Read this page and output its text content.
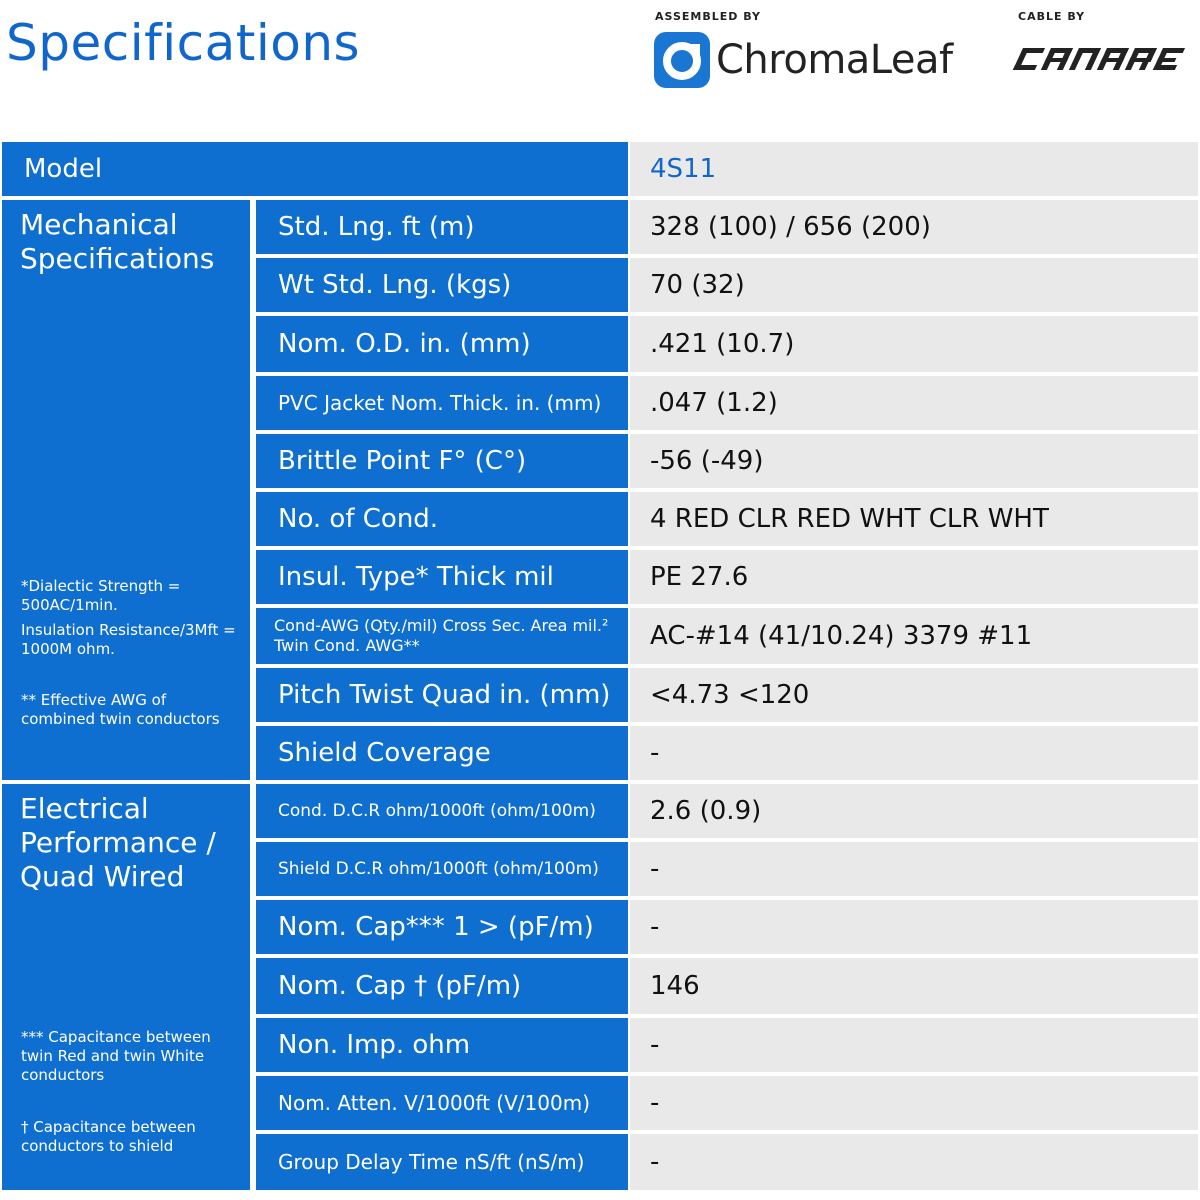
Specifications	ASSEMBLED BY
ChromaLeaf
CABLE BY
Model	4S11
Mechanical Specifications
*Dialectic Strength = 500AC/1min.
Insulation Resistance/3Mft = 1000M ohm.
** Effective AWG of combined twin conductors
Std. Lng. ft (m)	328 (100) / 656 (200)
Wt Std. Lng. (kgs)	70 (32)
Nom. O.D. in. (mm)	.421 (10.7)
PVC Jacket Nom. Thick. in. (mm)	.047 (1.2)
Brittle Point F° (C°)	-56 (-49)
No. of Cond.	4 RED CLR RED WHT CLR WHT
Insul. Type* Thick mil	PE 27.6
Cond-AWG (Qty./mil) Cross Sec. Area mil.²
Twin Cond. AWG**	AC-#14 (41/10.24) 3379 #11
Pitch Twist Quad in. (mm)	<4.73 <120
Shield Coverage	-
Electrical
Performance /
Quad Wired
*** Capacitance between twin Red and twin White conductors
† Capacitance between conductors to shield
Cond. D.C.R ohm/1000ft (ohm/100m)	2.6 (0.9)
Shield D.C.R ohm/1000ft (ohm/100m)	-
Nom. Cap*** 1 > (pF/m)	-
Nom. Cap † (pF/m)	146
Non. Imp. ohm	-
Nom. Atten. V/1000ft (V/100m)	-
Group Delay Time nS/ft (nS/m)	-
